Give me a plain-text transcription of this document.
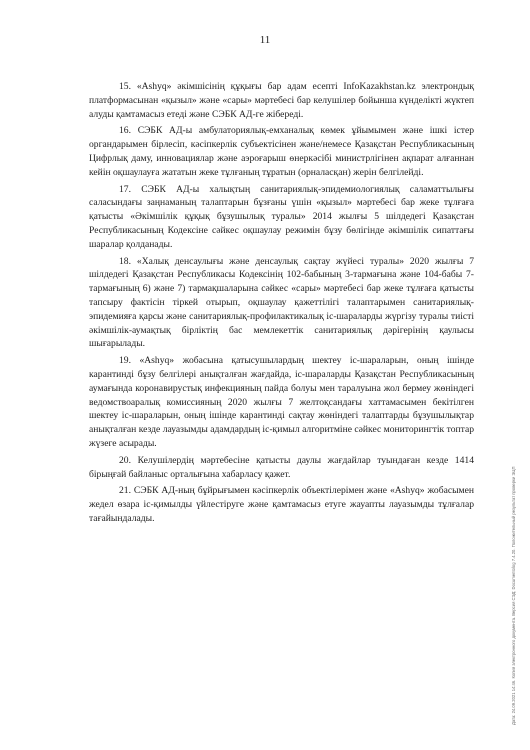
11

15. «Ashyq» әкімшісінің құқығы бар адам есепті InfoKazakhstan.kz электрондық платформасынан «қызыл» және «сары» мәртебесі бар келушілер бойынша күнделікті жүктеп алуды қамтамасыз етеді және СЭБК АД-ге жібереді.

16. СЭБК АД-ы амбулаториялық-емханалық көмек ұйымымен және ішкі істер органдарымен бірлесіп, кәсіпкерлік субъектісінен және/немесе Қазақстан Республикасының Цифрлық даму, инновациялар және аэроғарыш өнеркәсібі министрлігінен ақпарат алғаннан кейін оқшаулауға жататын жеке тұлғаның тұратын (орналасқан) жерін белгілейді.

17. СЭБК АД-ы халықтың санитариялық-эпидемиологиялық саламаттылығы саласындағы заңнаманың талаптарын бұзғаны үшін «қызыл» мәртебесі бар жеке тұлғаға қатысты «Әкімшілік құқық бұзушылық туралы» 2014 жылғы 5 шілдедегі Қазақстан Республикасының Кодексіне сәйкес оқшаулау режимін бұзу бөлігінде әкімшілік сипаттағы шаралар қолданады.

18. «Халық денсаулығы және денсаулық сақтау жүйесі туралы» 2020 жылғы 7 шілдедегі Қазақстан Республикасы Кодексінің 102-бабының 3-тармағына және 104-бабы 7-тармағының 6) және 7) тармақшаларына сәйкес «сары» мәртебесі бар жеке тұлғаға қатысты тапсыру фактісін тіркей отырып, оқшаулау қажеттілігі талаптарымен санитариялық-эпидемияға қарсы және санитариялық-профилактикалық іс-шараларды жүргізу туралы тиісті әкімшілік-аумақтық бірліктің бас мемлекеттік санитариялық дәрігерінің қаулысы шығарылады.

19. «Ashyq» жобасына қатысушылардың шектеу іс-шараларын, оның ішінде карантинді бұзу белгілері анықталған жағдайда, іс-шараларды Қазақстан Республикасының аумағында коронавирустық инфекцияның пайда болуы мен таралуына жол бермеу жөніндегі ведомствоаралық комиссияның 2020 жылғы 7 желтоқсандағы хаттамасымен бекітілген шектеу іс-шараларын, оның ішінде карантинді сақтау жөніндегі талаптарды бұзушылықтар анықталған кезде лауазымды адамдардың іс-қимыл алгоритміне сәйкес мониторингтік топтар жүзеге асырады.

20. Келушілердің мәртебесіне қатысты даулы жағдайлар туындаған кезде 1414 бірыңғай байланыс орталығына хабарласу қажет.

21. СЭБК АД-ның бұйрығымен кәсіпкерлік объектілерімен және «Ashyq» жобасымен жедел өзара іс-қимылды үйлестіруге және қамтамасыз етуге жауапты лауазымды тұлғалар тағайындалады.	Дата: 24.09.2021 14:46. Копия электронного документа. Версия СЭД: Documentolog 7.4.20. Положительный результат проверки ЭЦП
